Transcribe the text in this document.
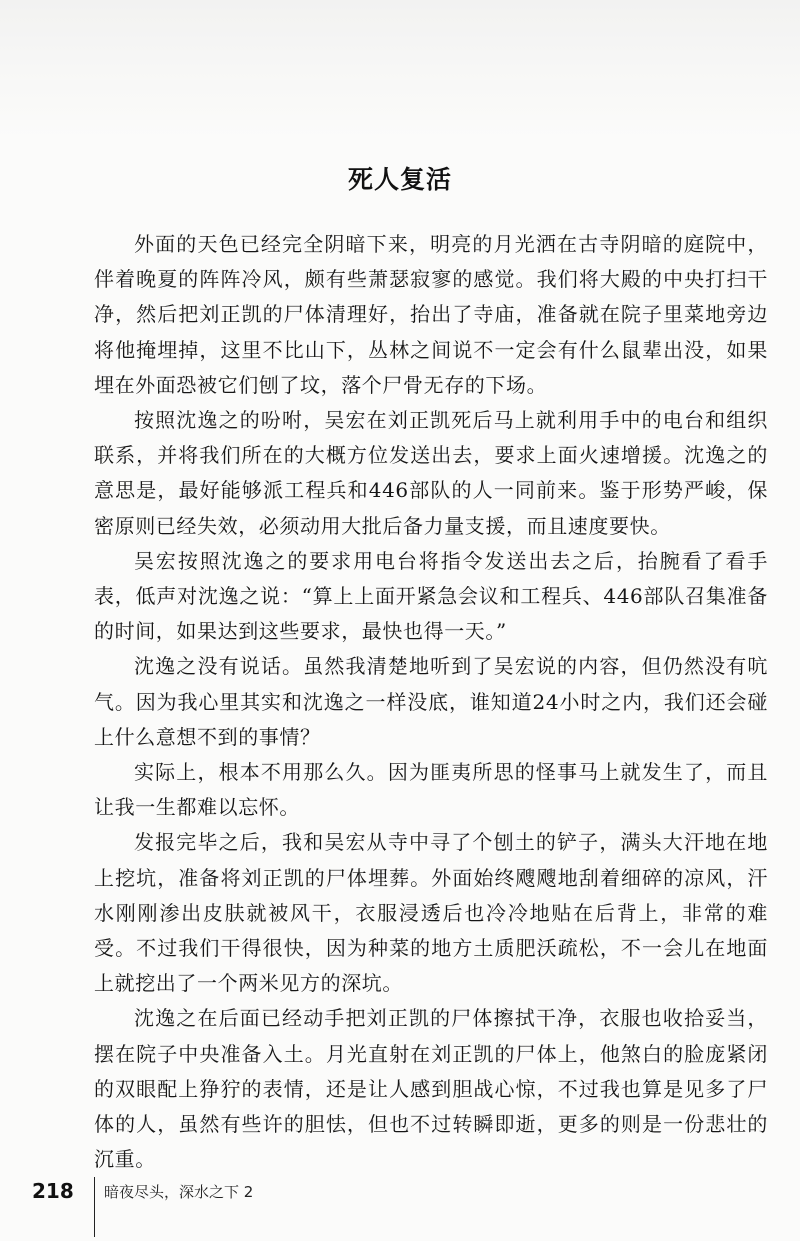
死人复活

外面的天色已经完全阴暗下来，明亮的月光洒在古寺阴暗的庭院中，伴着晚夏的阵阵冷风，颇有些萧瑟寂寥的感觉。我们将大殿的中央打扫干净，然后把刘正凯的尸体清理好，抬出了寺庙，准备就在院子里菜地旁边将他掩埋掉，这里不比山下，丛林之间说不一定会有什么鼠辈出没，如果埋在外面恐被它们刨了坟，落个尸骨无存的下场。

按照沈逸之的吩咐，吴宏在刘正凯死后马上就利用手中的电台和组织联系，并将我们所在的大概方位发送出去，要求上面火速增援。沈逸之的意思是，最好能够派工程兵和446部队的人一同前来。鉴于形势严峻，保密原则已经失效，必须动用大批后备力量支援，而且速度要快。

吴宏按照沈逸之的要求用电台将指令发送出去之后，抬腕看了看手表，低声对沈逸之说：“算上上面开紧急会议和工程兵、446部队召集准备的时间，如果达到这些要求，最快也得一天。”

沈逸之没有说话。虽然我清楚地听到了吴宏说的内容，但仍然没有吭气。因为我心里其实和沈逸之一样没底，谁知道24小时之内，我们还会碰上什么意想不到的事情？

实际上，根本不用那么久。因为匪夷所思的怪事马上就发生了，而且让我一生都难以忘怀。

发报完毕之后，我和吴宏从寺中寻了个刨土的铲子，满头大汗地在地上挖坑，准备将刘正凯的尸体埋葬。外面始终飕飕地刮着细碎的凉风，汗水刚刚渗出皮肤就被风干，衣服浸透后也冷冷地贴在后背上，非常的难受。不过我们干得很快，因为种菜的地方土质肥沃疏松，不一会儿在地面上就挖出了一个两米见方的深坑。

沈逸之在后面已经动手把刘正凯的尸体擦拭干净，衣服也收拾妥当，摆在院子中央准备入土。月光直射在刘正凯的尸体上，他煞白的脸庞紧闭的双眼配上狰狞的表情，还是让人感到胆战心惊，不过我也算是见多了尸体的人，虽然有些许的胆怯，但也不过转瞬即逝，更多的则是一份悲壮的沉重。

218 暗夜尽头，深水之下 2
